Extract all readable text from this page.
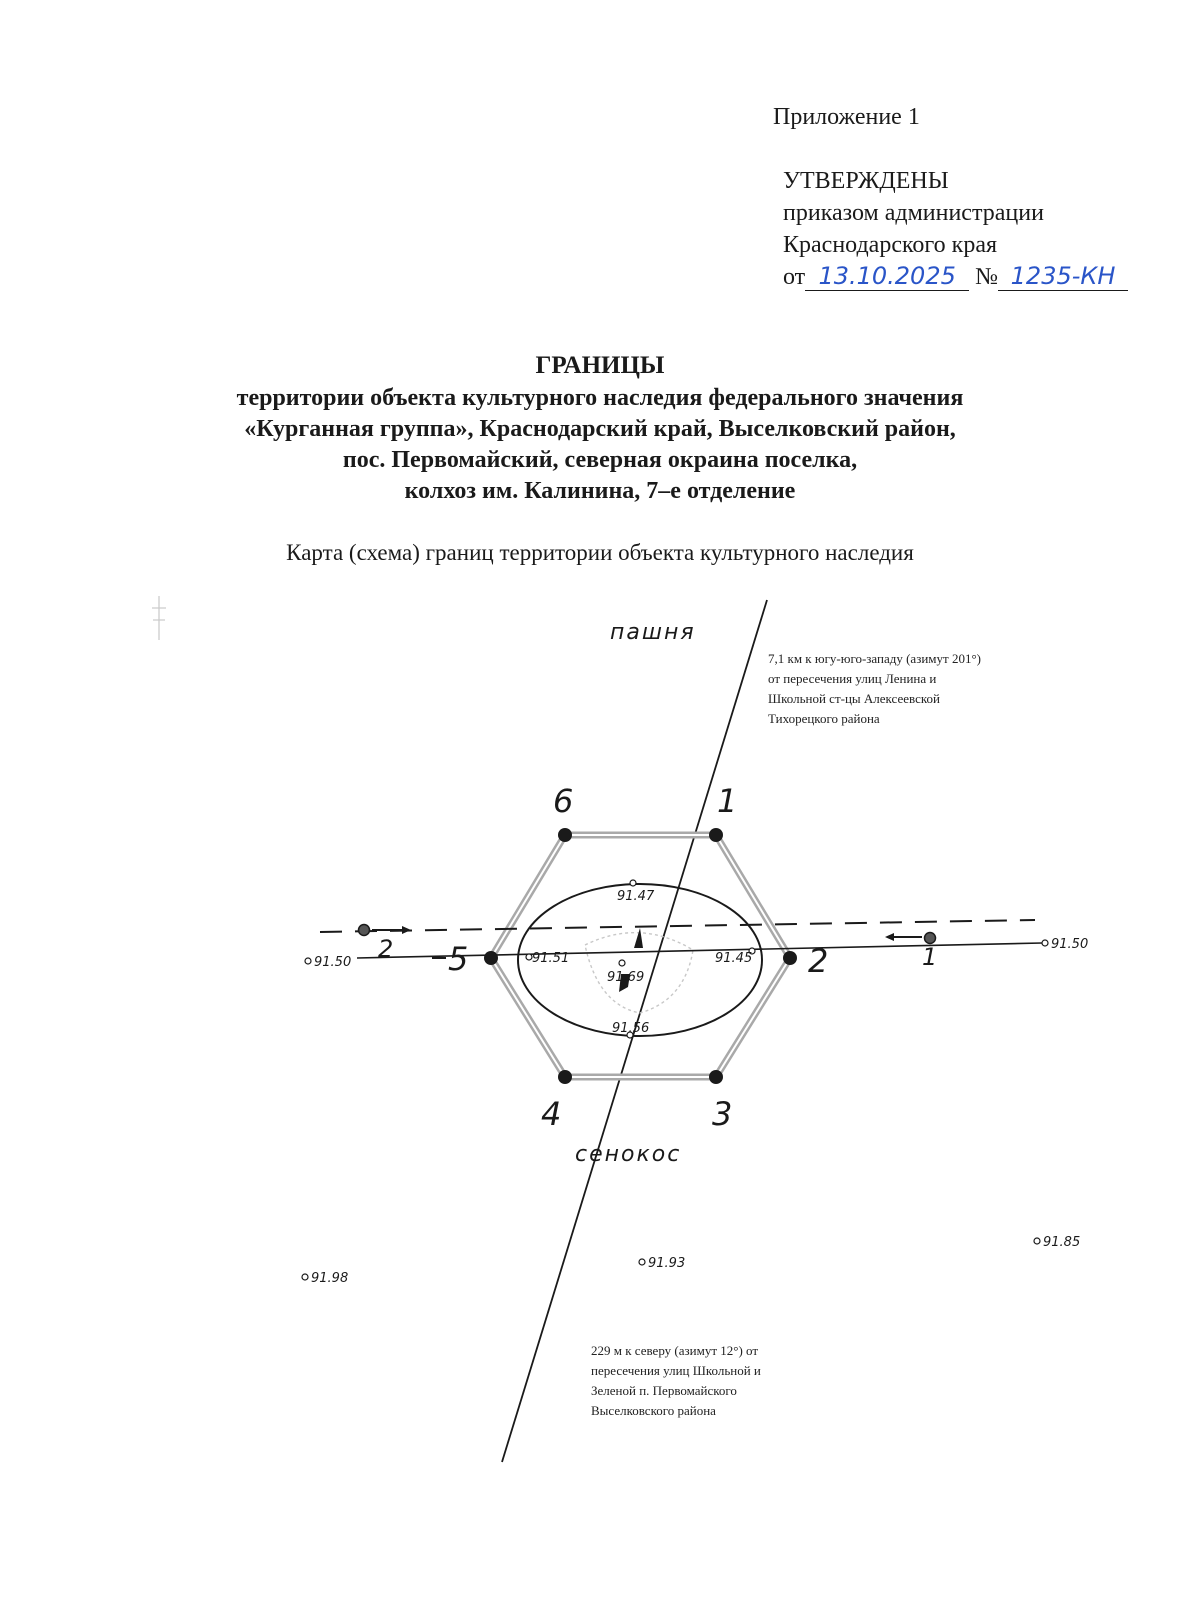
Приложение 1
УТВЕРЖДЕНЫ
приказом администрации
Краснодарского края
от 13.10.2025 № 1235-КН
ГРАНИЦЫ
территории объекта культурного наследия федерального значения
«Курганная группа», Краснодарский край, Выселковский район,
пос. Первомайский, северная окраина поселка,
колхоз им. Калинина, 7–е отделение
Карта (схема) границ территории объекта культурного наследия
пашня
сенокос
7,1 км к югу-юго-западу (азимут 201°)
от пересечения улиц Ленина и
Школьной ст-цы Алексеевской
Тихорецкого района
229 м к северу (азимут 12°) от
пересечения улиц Школьной и
Зеленой п. Первомайского
Выселковского района
2	1
1
2
3
4
5
6
91.50
91.50
91.47
91.51	91.45
91.69
91.56
91.85
91.93
91.98
